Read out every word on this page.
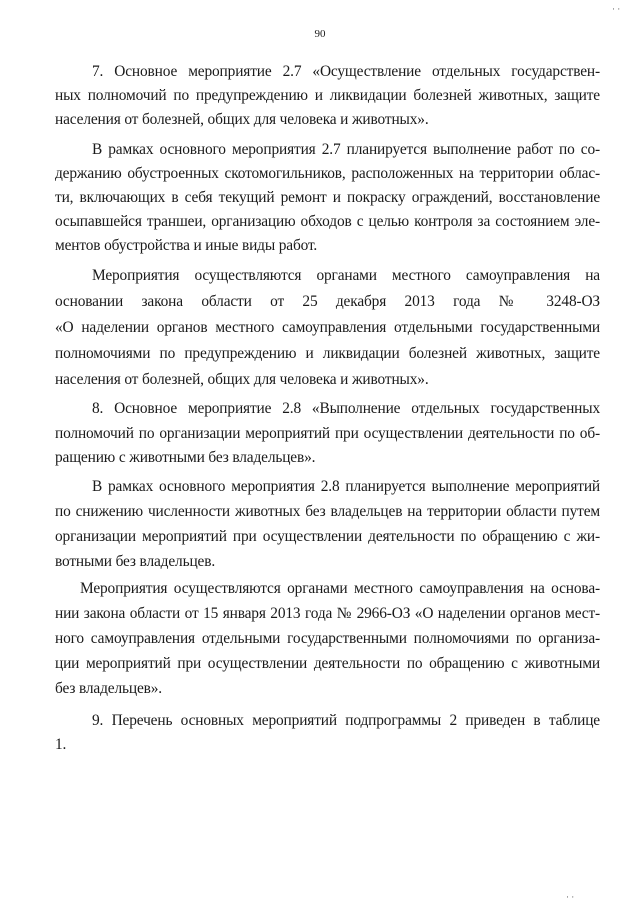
90
7. Основное мероприятие 2.7 «Осуществление отдельных государствен-
ных полномочий по предупреждению и ликвидации болезней животных, защите
населения от болезней, общих для человека и животных».
В рамках основного мероприятия 2.7 планируется выполнение работ по со-
держанию обустроенных скотомогильников, расположенных на территории облас-
ти, включающих в себя текущий ремонт и покраску ограждений, восстановление
осыпавшейся траншеи, организацию обходов с целью контроля за состоянием эле-
ментов обустройства и иные виды работ.
Мероприятия осуществляются органами местного самоуправления на
основании закона области от 25 декабря 2013 года № 3248-ОЗ
«О наделении органов местного самоуправления отдельными государственными
полномочиями по предупреждению и ликвидации болезней животных, защите
населения от болезней, общих для человека и животных».
8. Основное мероприятие 2.8 «Выполнение отдельных государственных
полномочий по организации мероприятий при осуществлении деятельности по об-
ращению с животными без владельцев».
В рамках основного мероприятия 2.8 планируется выполнение мероприятий
по снижению численности животных без владельцев на территории области путем
организации мероприятий при осуществлении деятельности по обращению с жи-
вотными без владельцев.
Мероприятия осуществляются органами местного самоуправления на основа-
нии закона области от 15 января 2013 года № 2966-ОЗ «О наделении органов мест-
ного самоуправления отдельными государственными полномочиями по организа-
ции мероприятий при осуществлении деятельности по обращению с животными
без владельцев».
9. Перечень основных мероприятий подпрограммы 2 приведен в таблице
1.
· ·
· ·
